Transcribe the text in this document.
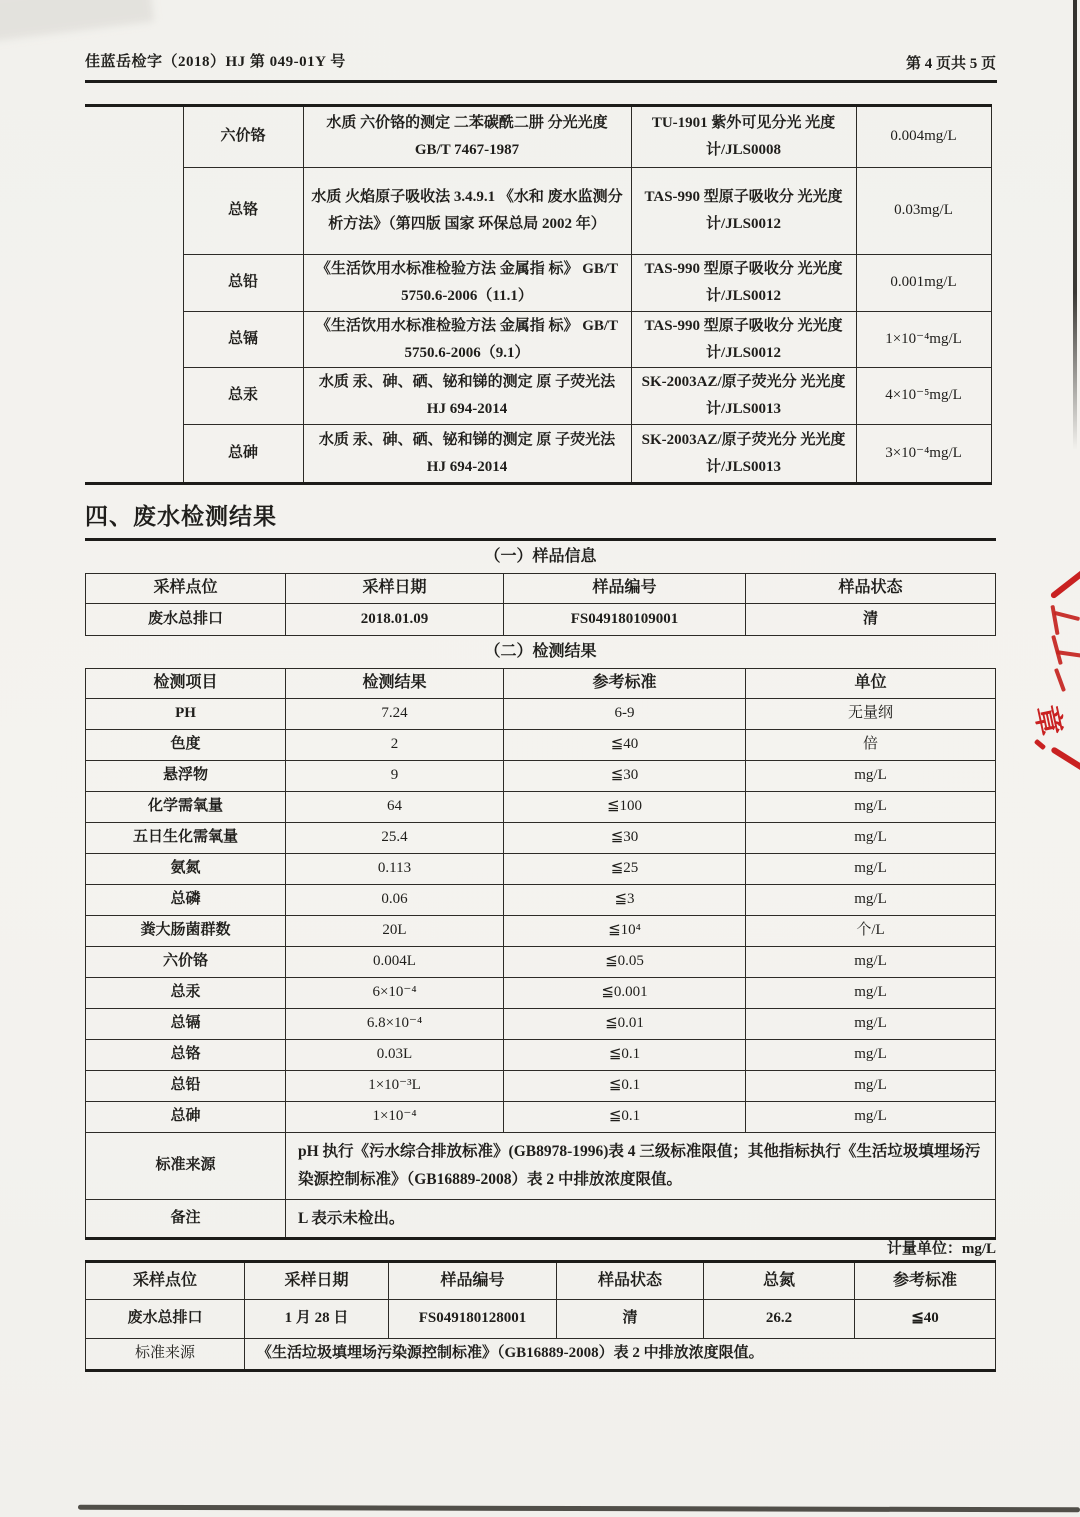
佳蓝岳检字（2018）HJ 第 049-01Y 号	第 4 页共 5 页
	六价铬	水质 六价铬的测定 二苯碳酰二肼 分光光度 GB/T 7467-1987	TU-1901 紫外可见分光 光度计/JLS0008	0.004mg/L
	总铬	水质 火焰原子吸收法 3.4.9.1 《水和 废水监测分析方法》（第四版 国家 环保总局 2002 年）	TAS-990 型原子吸收分 光光度计/JLS0012	0.03mg/L
	总铅	《生活饮用水标准检验方法 金属指 标》 GB/T 5750.6-2006（11.1）	TAS-990 型原子吸收分 光光度计/JLS0012	0.001mg/L
	总镉	《生活饮用水标准检验方法 金属指 标》 GB/T 5750.6-2006（9.1）	TAS-990 型原子吸收分 光光度计/JLS0012	1×10⁻⁴mg/L
	总汞	水质 汞、砷、硒、铋和锑的测定 原 子荧光法 HJ 694-2014	SK-2003AZ/原子荧光分 光光度计/JLS0013	4×10⁻⁵mg/L
	总砷	水质 汞、砷、硒、铋和锑的测定 原 子荧光法 HJ 694-2014	SK-2003AZ/原子荧光分 光光度计/JLS0013	3×10⁻⁴mg/L
四、废水检测结果
（一）样品信息			
采样点位	采样日期	样品编号	样品状态
废水总排口	2018.01.09	FS049180109001	清
（二）检测结果			
检测项目	检测结果	参考标准	单位
PH	7.24	6-9	无量纲
色度	2	≦40	倍
悬浮物	9	≦30	mg/L
化学需氧量	64	≦100	mg/L
五日生化需氧量	25.4	≦30	mg/L
氨氮	0.113	≦25	mg/L
总磷	0.06	≦3	mg/L
粪大肠菌群数	20L	≦10⁴	个/L
六价铬	0.004L	≦0.05	mg/L
总汞	6×10⁻⁴	≦0.001	mg/L
总镉	6.8×10⁻⁴	≦0.01	mg/L
总铬	0.03L	≦0.1	mg/L
总铅	1×10⁻³L	≦0.1	mg/L
总砷	1×10⁻⁴	≦0.1	mg/L
标准来源	pH 执行《污水综合排放标准》(GB8978-1996)表 4 三级标准限值；其他指标执行《生活垃圾填埋场污染源控制标准》（GB16889-2008）表 2 中排放浓度限值。		
备注	L 表示未检出。		
计量单位：mg/L
采样点位	采样日期	样品编号	样品状态	总氮	参考标准
废水总排口	1 月 28 日	FS049180128001	清	26.2	≦40
标准来源	《生活垃圾填埋场污染源控制标准》（GB16889-2008）表 2 中排放浓度限值。				
章
